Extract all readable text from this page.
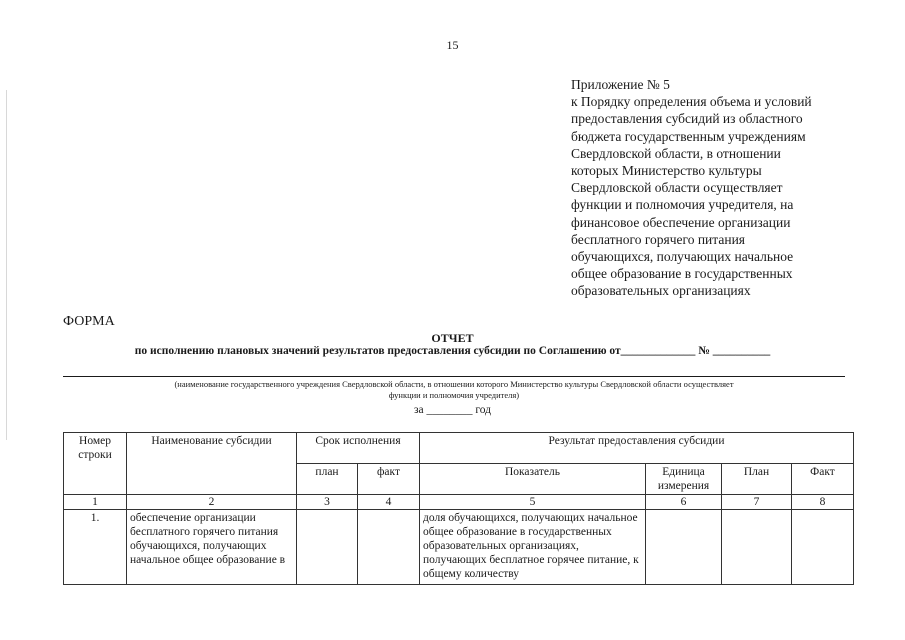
15
Приложение № 5
к Порядку определения объема и условий
предоставления субсидий из областного
бюджета государственным учреждениям
Свердловской области, в отношении
которых Министерство культуры
Свердловской области осуществляет
функции и полномочия учредителя, на
финансовое обеспечение организации
бесплатного горячего питания
обучающихся, получающих начальное
общее образование в государственных
образовательных организациях
ФОРМА
ОТЧЕТ
по исполнению плановых значений результатов предоставления субсидии по Соглашению от_____________ № __________
(наименование государственного учреждения Свердловской области, в отношении которого Министерство культуры Свердловской области осуществляет
функции и полномочия учредителя)
за ________ год
Номер строки	Наименование субсидии	Срок исполнения		Результат предоставления субсидии			
		план	факт	Показатель	Единица измерения	План	Факт
1	2	3	4	5	6	7	8
1.	обеспечение организации бесплатного горячего питания обучающихся, получающих начальное общее образование в			доля обучающихся, получающих начальное общее образование в государственных образовательных организациях, получающих бесплатное горячее питание, к общему количеству			
